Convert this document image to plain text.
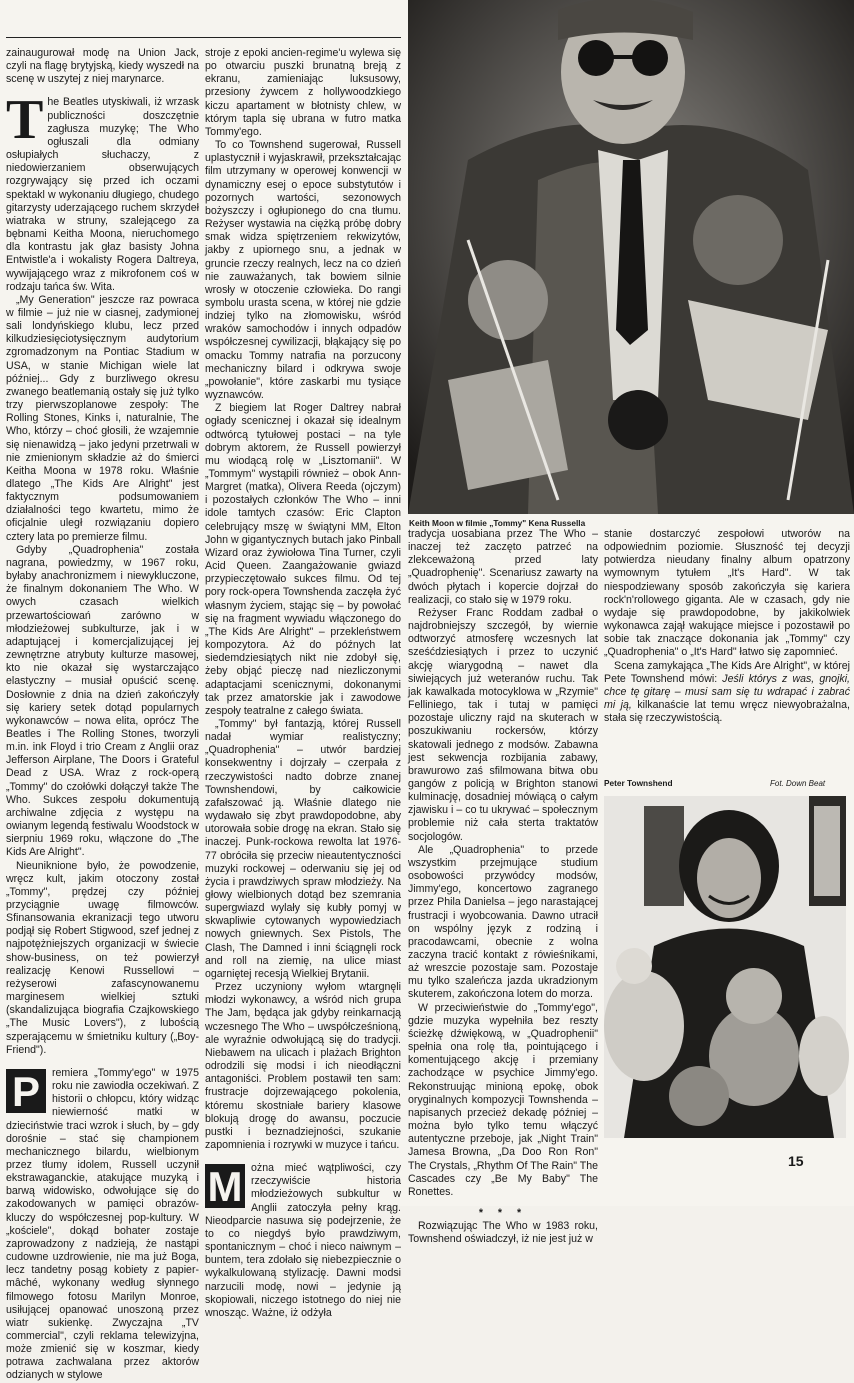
zainaugurował modę na Union Jack, czyli na flagę brytyjską, kiedy wyszedł na scenę w uszytej z niej marynarce.

The Beatles utyskiwali, iż wrzask publiczności doszczętnie zagłusza muzykę; The Who ogłuszali dla odmiany osłupiałych słuchaczy, z niedowierzaniem obserwujących rozgrywający się przed ich oczami spektakl w wykonaniu długiego, chudego gitarzysty uderzającego ruchem skrzydeł wiatraka w struny, szalejącego za bębnami Keitha Moona, nieruchomego dla kontrastu jak głaz basisty Johna Entwistle'a i wokalisty Rogera Daltreya, wywijającego wraz z mikrofonem coś w rodzaju tańca św. Wita.

„My Generation" jeszcze raz powraca w filmie – już nie w ciasnej, zadymionej sali londyńskiego klubu, lecz przed kilkudziesięciotysięcznym audytorium zgromadzonym na Pontiac Stadium w USA, w stanie Michigan wiele lat później... Gdy z burzliwego okresu zwanego beatlemanią ostały się już tylko trzy pierwszoplanowe zespoły: The Rolling Stones, Kinks i, naturalnie, The Who, którzy – choć głosili, że wzajemnie się nienawidzą – jako jedyni przetrwali w nie zmienionym składzie aż do śmierci Keitha Moona w 1978 roku. Właśnie dlatego „The Kids Are Alright" jest faktycznym podsumowaniem działalności tego kwartetu, mimo że oficjalnie uległ rozwiązaniu dopiero cztery lata po premierze filmu.

Gdyby „Quadrophenia" została nagrana, powiedzmy, w 1967 roku, byłaby anachronizmem i niewykluczone, że finalnym dokonaniem The Who. W owych czasach wielkich przewartościowań zarówno w młodzieżowej subkulturze, jak i w adaptującej i komercjalizującej jej zewnętrzne atrybuty kulturze masowej, kto nie okazał się wystarczająco elastyczny – musiał opuścić scenę. Dosłownie z dnia na dzień zakończyły się kariery setek dotąd popularnych wykonawców – nowa elita, oprócz The Beatles i The Rolling Stones, tworzyli m.in. ink Floyd i trio Cream z Anglii oraz Jefferson Airplane, The Doors i Grateful Dead z USA. Wraz z rock-operą „Tommy" do czołówki dołączył także The Who. Sukces zespołu dokumentują archiwalne zdjęcia z występu na owianym legendą festiwalu Woodstock w sierpniu 1969 roku, włączone do „The Kids Are Alright".

Nieuniknione było, że powodzenie, wręcz kult, jakim otoczony został „Tommy", prędzej czy później przyciągnie uwagę filmowców. Sfinansowania ekranizacji tego utworu podjął się Robert Stigwood, szef jednej z najpotężniejszych organizacji w świecie show-business, on też powierzył realizację Kenowi Russellowi – reżyserowi zafascynowanemu marginesem wielkiej sztuki (skandalizująca biografia Czajkowskiego „The Music Lovers"), z lubością szperającemu w śmietniku kultury („Boy-Friend").

P	remiera „Tommy'ego" w 1975 roku nie zawiodła oczekiwań. Z historii o chłopcu, który widząc niewierność matki w dzieciństwie traci wzrok i słuch, by – gdy dorośnie – stać się championem mechanicznego bilardu, wielbionym przez tłumy idolem, Russell uczynił ekstrawaganckie, atakujące muzyką i barwą widowisko, odwołujące się do zakodowanych w pamięci obrazów-kluczy do współczesnej pop-kultury. W „kościele", dokąd bohater zostaje zaprowadzony z nadzieją, że nastąpi cudowne uzdrowienie, nie ma już Boga, lecz tandetny posąg kobiety z papier-mâché, wykonany według słynnego filmowego fotosu Marilyn Monroe, usiłującej opanować unoszoną przez wiatr sukienkę. Zwyczajna „TV commercial", czyli reklama telewizyjna, może zmienić się w koszmar, kiedy potrawa zachwalana przez aktorów odzianych w stylowe

stroje z epoki ancien-regime'u wylewa się po otwarciu puszki brunatną breją z ekranu, zamieniając luksusowy, przesiony żywcem z hollywoodzkiego kiczu apartament w błotnisty chlew, w którym tapla się ubrana w futro matka Tommy'ego.

To co Townshend sugerował, Russell uplastycznił i wyjaskrawił, przekształcając film utrzymany w operowej konwencji w dynamiczny esej o epoce substytutów i pozornych wartości, sezonowych bożyszczy i ogłupionego do cna tłumu. Reżyser wystawia na ciężką próbę dobry smak widza spiętrzeniem rekwizytów, jakby z upiornego snu, a jednak w gruncie rzeczy realnych, lecz na co dzień nie zauważanych, tak bowiem silnie wrosły w otoczenie człowieka. Do rangi symbolu urasta scena, w której nie gdzie indziej tylko na złomowisku, wśród wraków samochodów i innych odpadów współczesnej cywilizacji, błąkający się po omacku Tommy natrafia na porzucony mechaniczny bilard i odkrywa swoje „powołanie", które zaskarbi mu tysiące wyznawców.

Z biegiem lat Roger Daltrey nabrał ogłady scenicznej i okazał się idealnym odtwórcą tytułowej postaci – na tyle dobrym aktorem, że Russell powierzył mu wiodącą rolę w „Lisztomanii". W „Tommym" wystąpili również – obok Ann-Margret (matka), Olivera Reeda (ojczym) i pozostałych członków The Who – inni idole tamtych czasów: Eric Clapton celebrujący mszę w świątyni MM, Elton John w gigantycznych butach jako Pinball Wizard oraz żywiołowa Tina Turner, czyli Acid Queen. Zaangażowanie gwiazd przypieczętowało sukces filmu. Od tej pory rock-opera Townshenda zaczęła żyć własnym życiem, stając się – by powołać się na fragment wywiadu włączonego do „The Kids Are Alright" – przekleństwem kompozytora. Aż do późnych lat siedemdziesiątych nikt nie zdobył się, żeby objąć pieczę nad niezliczonymi adaptacjami scenicznymi, dokonanymi tak przez amatorskie jak i zawodowe zespoły teatralne z całego świata.

„Tommy" był fantazją, której Russell nadał wymiar realistyczny; „Quadrophenia" – utwór bardziej konsekwentny i dojrzały – czerpała z rzeczywistości nadto dobrze znanej Townshendowi, by całkowicie zafałszować ją. Właśnie dlatego nie wydawało się zbyt prawdopodobne, aby utorowała sobie drogę na ekran. Stało się inaczej. Punk-rockowa rewolta lat 1976-77 obróciła się przeciw nieautentyczności muzyki rockowej – oderwaniu się jej od życia i prawdziwych spraw młodzieży. Na głowy wielbionych dotąd bez szemrania supergwiazd wylały się kubły pomyj w skwapliwie cytowanych wypowiedziach nowych gniewnych. Sex Pistols, The Clash, The Damned i inni ściągnęli rock and roll na ziemię, na ulice miast ogarniętej recesją Wielkiej Brytanii.

Przez uczyniony wyłom wtargnęli młodzi wykonawcy, a wśród nich grupa The Jam, będąca jak gdyby reinkarnacją wczesnego The Who – uwspółcześnioną, ale wyraźnie odwołującą się do tradycji. Niebawem na ulicach i plażach Brighton odrodzili się modsi i ich nieodłączni antagoniści. Problem postawił ten sam: frustracje dojrzewającego pokolenia, któremu skostniałe bariery klasowe blokują drogę do awansu, poczucie pustki i beznadziejności, szukanie zapomnienia i rozrywki w muzyce i tańcu.

M ożna mieć wątpliwości, czy rzeczywiście historia młodzieżowych subkultur w Anglii zatoczyła pełny krąg. Nieodparcie nasuwa się podejrzenie, że to co niegdyś było prawdziwym, spontanicznym – choć i nieco naiwnym – buntem, tera zdołało się niebezpiecznie o wykalkulowaną stylizację. Dawni modsi narzucili modę, nowi – jedynie ją skopiowali, niczego istotnego do niej nie wnosząc. Ważne, iż odżyła

Keith Moon w filmie „Tommy" Kena Russella

tradycja uosabiana przez The Who – inaczej też zaczęto patrzeć na zlekceważoną przed laty „Quadrophenię". Scenariusz zawarty na dwóch płytach i kopercie dojrzał do realizacji, co stało się w 1979 roku.

Reżyser Franc Roddam zadbał o najdrobniejszy szczegół, by wiernie odtworzyć atmosferę wczesnych lat sześćdziesiątych i przez to uczynić akcję wiarygodną – nawet dla siwiejących już weteranów ruchu. Tak jak kawalkada motocyklowa w „Rzymie" Felliniego, tak i tutaj w pamięci pozostaje uliczny rajd na skuterach w poszukiwaniu rockersów, którzy skatowali jednego z modsów. Zabawna jest sekwencja rozbijania zabawy, brawurowo zaś sfilmowana bitwa obu gangów z policją w Brighton stanowi kulminację, dosadniej mówiącą o całym zjawisku i – co tu ukrywać – społecznym problemie niż cała sterta traktatów socjologów.

Ale „Quadrophenia" to przede wszystkim przejmujące studium osobowości przywódcy modsów, Jimmy'ego, koncertowo zagranego przez Phila Danielsa – jego narastającej frustracji i wyobcowania. Dawno utracił on wspólny język z rodziną i pracodawcami, obecnie z wolna zaczyna tracić kontakt z rówieśnikami, aż wreszcie pozostaje sam. Pozostaje mu tylko szaleńcza jazda ukradzionym skuterem, zakończona lotem do morza.

W przeciwieństwie do „Tommy'ego", gdzie muzyka wypełniła bez reszty ścieżkę dźwiękową, w „Quadrophenii" spełnia ona rolę tła, pointującego i komentującego akcję i przemiany zachodzące w psychice Jimmy'ego. Rekonstruując minioną epokę, obok oryginalnych kompozycji Townshenda – napisanych przecież dekadę później – można było tylko temu włączyć autentyczne przeboje, jak „Night Train" Jamesa Browna, „Da Doo Ron Ron" The Crystals, „Rhythm Of The Rain" The Cascades czy „Be My Baby" The Ronettes.

* * *

Rozwiązując The Who w 1983 roku, Townshend oświadczył, iż nie jest już w

stanie dostarczyć zespołowi utworów na odpowiednim poziomie. Słuszność tej decyzji potwierdza nieudany finalny album opatrzony wymownym tytułem „It's Hard". W tak niespodziewany sposób zakończyła się kariera rock'n'rollowego giganta. Ale w czasach, gdy nie wydaje się prawdopodobne, by jakikolwiek wykonawca zajął wakujące miejsce i pozostawił po sobie tak znaczące dokonania jak „Tommy" czy „Quadrophenia" o „It's Hard" łatwo się zapomnieć.

Scena zamykająca „The Kids Are Alright", w której Pete Townshend mówi: Jeśli którys z was, gnojki, chce tę gitarę – musi sam się tu wdrapać i zabrać mi ją, kilkanaście lat temu wręcz niewyobrażalna, stała się rzeczywistością.

Peter Townshend	Fot. Down Beat
15
